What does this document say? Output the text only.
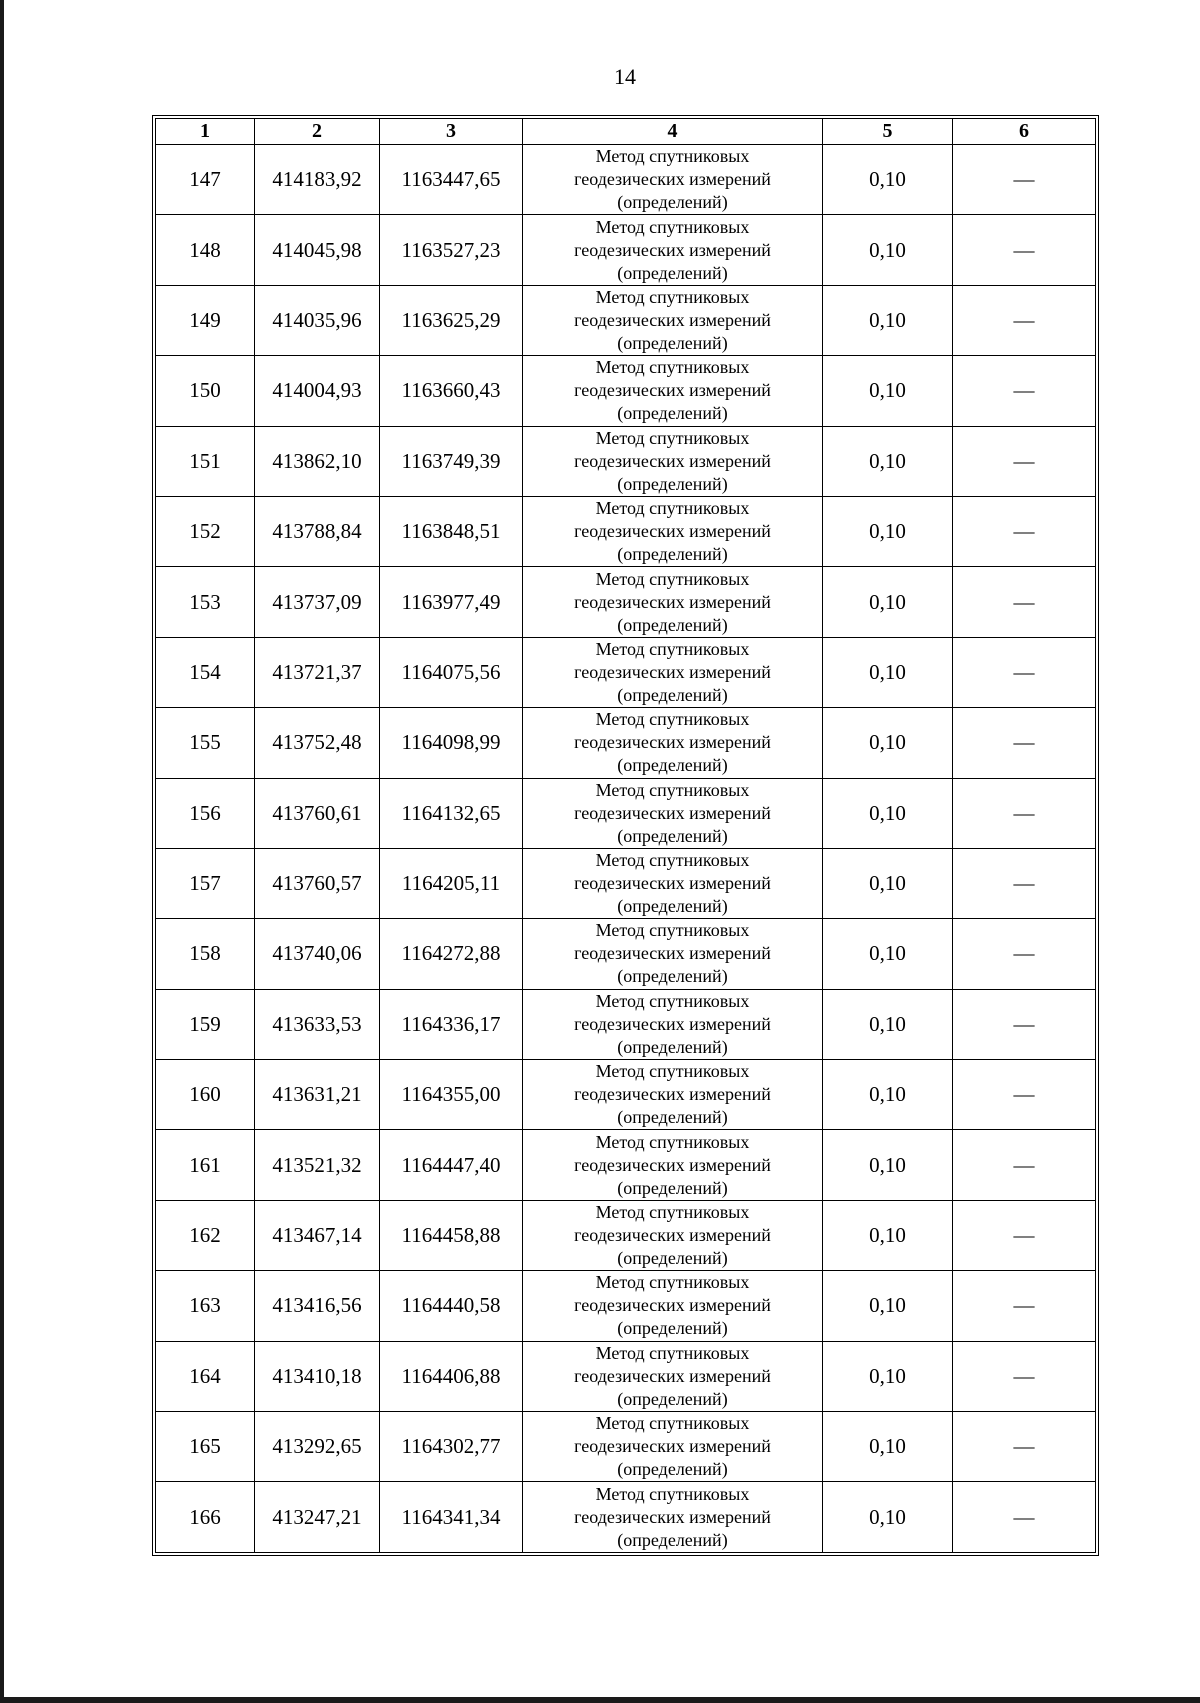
14
1	2	3	4	5	6
147	414183,92	1163447,65	Метод спутниковых
геодезических измерений
(определений)	0,10	—
148	414045,98	1163527,23	Метод спутниковых
геодезических измерений
(определений)	0,10	—
149	414035,96	1163625,29	Метод спутниковых
геодезических измерений
(определений)	0,10	—
150	414004,93	1163660,43	Метод спутниковых
геодезических измерений
(определений)	0,10	—
151	413862,10	1163749,39	Метод спутниковых
геодезических измерений
(определений)	0,10	—
152	413788,84	1163848,51	Метод спутниковых
геодезических измерений
(определений)	0,10	—
153	413737,09	1163977,49	Метод спутниковых
геодезических измерений
(определений)	0,10	—
154	413721,37	1164075,56	Метод спутниковых
геодезических измерений
(определений)	0,10	—
155	413752,48	1164098,99	Метод спутниковых
геодезических измерений
(определений)	0,10	—
156	413760,61	1164132,65	Метод спутниковых
геодезических измерений
(определений)	0,10	—
157	413760,57	1164205,11	Метод спутниковых
геодезических измерений
(определений)	0,10	—
158	413740,06	1164272,88	Метод спутниковых
геодезических измерений
(определений)	0,10	—
159	413633,53	1164336,17	Метод спутниковых
геодезических измерений
(определений)	0,10	—
160	413631,21	1164355,00	Метод спутниковых
геодезических измерений
(определений)	0,10	—
161	413521,32	1164447,40	Метод спутниковых
геодезических измерений
(определений)	0,10	—
162	413467,14	1164458,88	Метод спутниковых
геодезических измерений
(определений)	0,10	—
163	413416,56	1164440,58	Метод спутниковых
геодезических измерений
(определений)	0,10	—
164	413410,18	1164406,88	Метод спутниковых
геодезических измерений
(определений)	0,10	—
165	413292,65	1164302,77	Метод спутниковых
геодезических измерений
(определений)	0,10	—
166	413247,21	1164341,34	Метод спутниковых
геодезических измерений
(определений)	0,10	—
